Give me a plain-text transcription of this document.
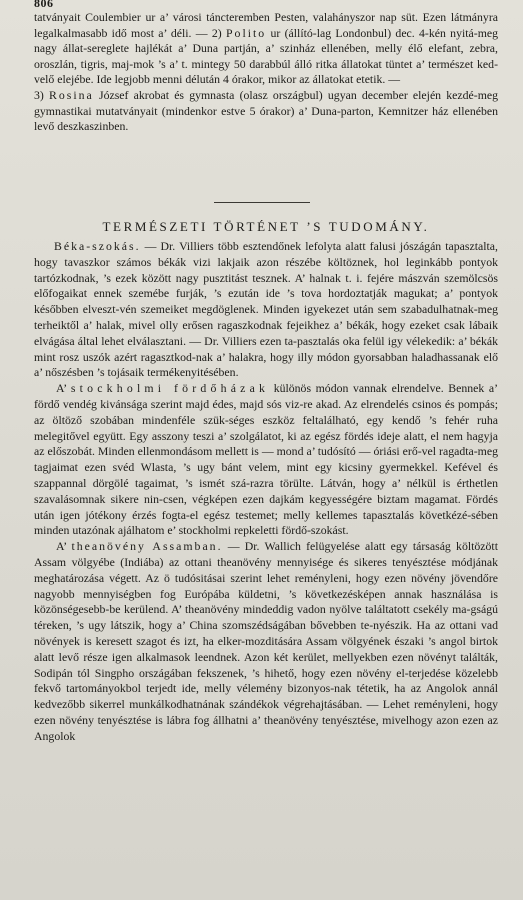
806

tatványait Coulembier ur a’ városi táncteremben Pesten, valahányszor nap süt. Ezen látmányra legalkalmasabb idő most a’ déli. — 2) Polito ur (állító-lag Londonbul) dec. 4-kén nyitá-meg nagy állat-sereglete hajlékát a’ Duna partján, a’ szinház ellenében, melly élő elefant, zebra, oroszlán, tigris, maj-mok ’s a’ t. mintegy 50 darabbúl álló ritka állatokat tüntet a’ természet ked-velő elejébe. Ide legjobb menni délután 4 órakor, mikor az állatokat etetik. —

3) Rosina József akrobat és gymnasta (olasz országbul) ugyan december elején kezdé-meg gymnastikai mutatványait (mindenkor estve 5 órakor) a’ Duna-parton, Kemnitzer ház ellenében levő deszkaszinben.

TERMÉSZETI TÖRTÉNET ’S TUDOMÁNY.

Béka-szokás. — Dr. Villiers több esztendőnek lefolyta alatt falusi jószágán tapasztalta, hogy tavaszkor számos békák vizi lakjaik azon részébe költöznek, hol leginkább pontyok tartózkodnak, ’s ezek között nagy pusztitást tesznek. A’ halnak t. i. fejére mászván szemölcsös előfogaikat ennek szemébe furják, ’s ezután ide ’s tova hordoztatják magukat; a’ pontyok későbben elveszt-vén szemeiket megdöglenek. Minden igyekezet után sem szabadulhatnak-meg terheiktől a’ halak, mivel olly erősen ragaszkodnak fejeikhez a’ békák, hogy ezeket csak lábaik elvágása által lehet elválasztani. — Dr. Villiers ezen ta-pasztalás oka felül igy vélekedik: a’ békák mint rosz uszók azért ragasztkod-nak a’ halakra, hogy illy módon gyorsabban haladhassanak elő a’ nőszésben ’s tojásaik termékenyitésében.

A’ stockholmi fördőházak különös módon vannak elrendelve. Bennek a’ fördő vendég kivánsága szerint majd édes, majd sós viz-re akad. Az elrendelés csinos és pompás; az öltöző szobában mindenféle szük-séges eszköz feltalálható, egy kendő ’s fehér ruha melegitővel együtt. Egy asszony teszi a’ szolgálatot, ki az egész fördés ideje alatt, el nem hagyja az előszobát. Minden ellenmondásom mellett is — mond a’ tudósító — óriási erő-vel ragadta-meg tagjaimat ezen svéd Wlasta, ’s ugy bánt velem, mint egy kicsiny gyermekkel. Kefével és szappannal dörgölé tagaimat, ’s ismét szá-razra törülte. Látván, hogy a’ nélkül is érthetlen szavalásomnak sikere nin-csen, végképen ezen dajkám kegyességére biztam magamat. Fördés után igen jótékony érzés fogta-el egész testemet; melly kellemes tapasztalás követkézé-sében minden utazónak ajálhatom e’ stockholmi repkeletti fördő-szokást.

A’ theanövény Assamban. — Dr. Wallich felügyelése alatt egy társaság költözött Assam völgyébe (Indiába) az ottani theanövény mennyisége és sikeres tenyésztése módjának meghatározása végett. Az ö tudósitásai szerint lehet reményleni, hogy ezen növény jövendőre nagyobb mennyiségben fog Európába küldetni, ’s következésképen annak használása is közönségesebb-be kerülend. A’ theanövény mindeddig vadon nyölve találtatott csekély ma-gságú téreken, ’s ugy látszik, hogy a’ China szomszédságában bővebben te-nyészik. Ha az ottani vad növények is keresett szagot és izt, ha elker-mozditására Assam völgyének északi ’s angol birtok alatt levő része igen alkalmasok leendnek. Azon két kerület, mellyekben ezen növényt találták, Sodipán tól Singpho országában fekszenek, ’s hihető, hogy ezen növény el-terjedése közelebb fekvő tartományokbol terjedt ide, melly vélemény bizonyos-nak tétetik, ha az Angolok annál kedvezőbb sikerrel munkálkodhatnának szándékok végrehajtásában. — Lehet reményleni, hogy ezen növény tenyésztése is lábra fog állhatni a’ theanövény tenyésztése, mivelhogy azon ezen az Angolok
